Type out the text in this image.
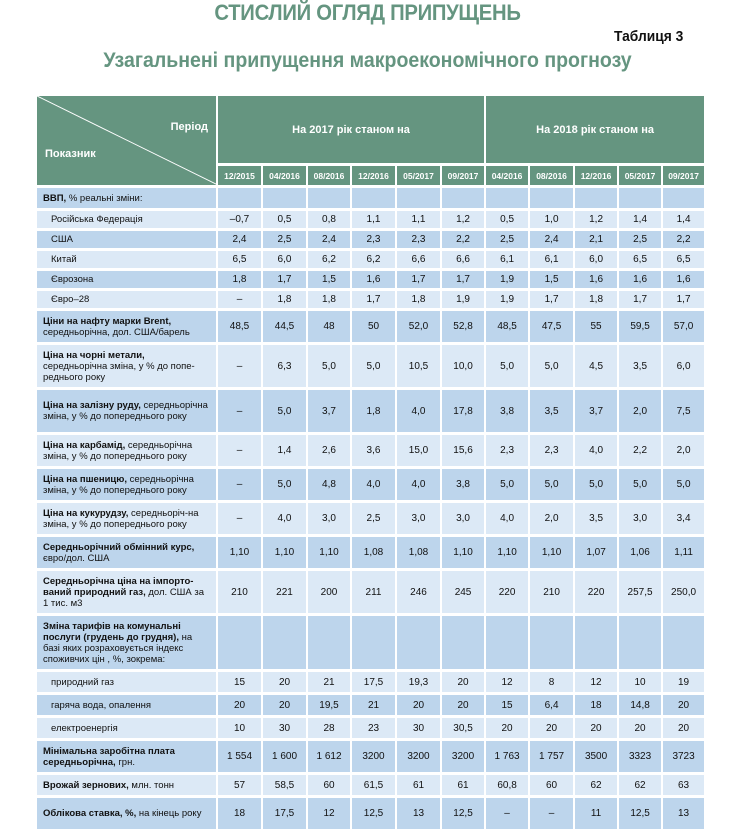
СТИСЛИЙ ОГЛЯД ПРИПУЩЕНЬ
Таблиця 3
Узагальнені припущення макроекономічного прогнозу
Період
Показник	На 2017 рік станом на						На 2018 рік станом на				
	12/2015	04/2016	08/2016	12/2016	05/2017	09/2017	04/2016	08/2016	12/2016	05/2017	09/2017
ВВП, % реальні зміни:											
Російська Федерація	–0,7	0,5	0,8	1,1	1,1	1,2	0,5	1,0	1,2	1,4	1,4
США	2,4	2,5	2,4	2,3	2,3	2,2	2,5	2,4	2,1	2,5	2,2
Китай	6,5	6,0	6,2	6,2	6,6	6,6	6,1	6,1	6,0	6,5	6,5
Єврозона	1,8	1,7	1,5	1,6	1,7	1,7	1,9	1,5	1,6	1,6	1,6
Євро–28	–	1,8	1,8	1,7	1,8	1,9	1,9	1,7	1,8	1,7	1,7
Ціни на нафту марки Brent, середньорічна, дол. США/барель	48,5	44,5	48	50	52,0	52,8	48,5	47,5	55	59,5	57,0
Ціна на чорні метали, середньорічна зміна, у % до попе-реднього року	–	6,3	5,0	5,0	10,5	10,0	5,0	5,0	4,5	3,5	6,0
Ціна на залізну руду, середньорічна зміна, у % до попереднього року	–	5,0	3,7	1,8	4,0	17,8	3,8	3,5	3,7	2,0	7,5
Ціна на карбамід, середньорічна зміна, у % до попереднього року	–	1,4	2,6	3,6	15,0	15,6	2,3	2,3	4,0	2,2	2,0
Ціна на пшеницю, середньорічна зміна, у % до попереднього року	–	5,0	4,8	4,0	4,0	3,8	5,0	5,0	5,0	5,0	5,0
Ціна на кукурудзу, середньоріч-на зміна, у % до попереднього року	–	4,0	3,0	2,5	3,0	3,0	4,0	2,0	3,5	3,0	3,4
Середньорічний обмінний курс, євро/дол. США	1,10	1,10	1,10	1,08	1,08	1,10	1,10	1,10	1,07	1,06	1,11
Середньорічна ціна на імпорто-ваний природний газ, дол. США за 1 тис. м3	210	221	200	211	246	245	220	210	220	257,5	250,0
Зміна тарифів на комунальні послуги (грудень до грудня), на базі яких розраховується індекс споживчих цін , %, зокрема:											
природний газ	15	20	21	17,5	19,3	20	12	8	12	10	19
гаряча вода, опалення	20	20	19,5	21	20	20	15	6,4	18	14,8	20
електроенергія	10	30	28	23	30	30,5	20	20	20	20	20
Мінімальна заробітна плата середньорічна, грн.	1 554	1 600	1 612	3200	3200	3200	1 763	1 757	3500	3323	3723
Врожай зернових, млн. тонн	57	58,5	60	61,5	61	61	60,8	60	62	62	63
Облікова ставка, %, на кінець року	18	17,5	12	12,5	13	12,5	–	–	11	12,5	13
